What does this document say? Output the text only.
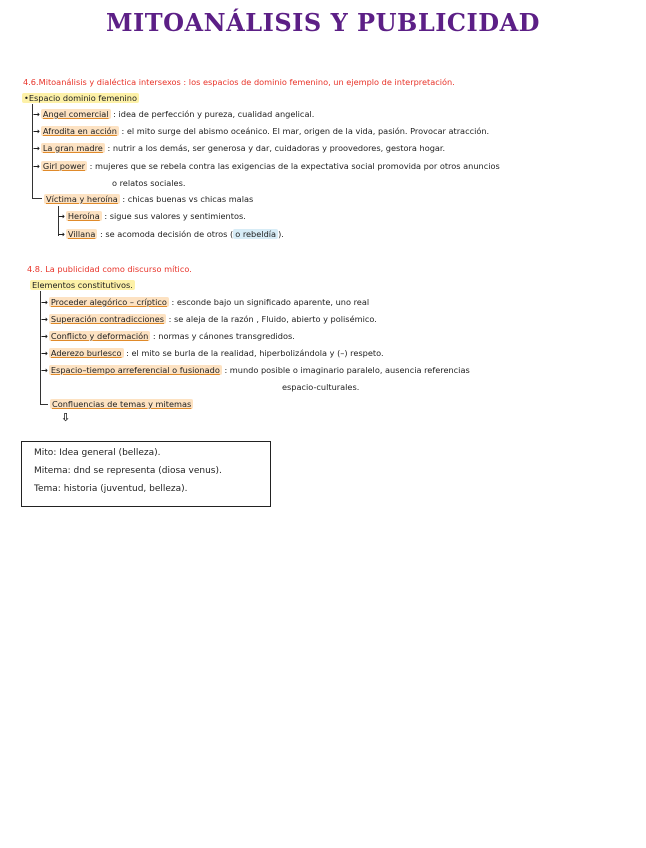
MITOANÁLISIS Y PUBLICIDAD
4.6.Mitoanálisis y dialéctica intersexos : los espacios de dominio femenino, un ejemplo de interpretación.
•Espacio dominio femenino
→ Angel comercial : idea de perfección y pureza, cualidad angelical.
→ Afrodita en acción : el mito surge del abismo oceánico. El mar, origen de la vida, pasión. Provocar atracción.
→ La gran madre : nutrir a los demás, ser generosa y dar, cuidadoras y proovedores, gestora hogar.
→ Girl power : mujeres que se rebela contra las exigencias de la expectativa social promovida por otros anuncios
o relatos sociales.
Víctima y heroína : chicas buenas vs chicas malas
→ Heroína : sigue sus valores y sentimientos.
→ Villana : se acomoda decisión de otros ( o rebeldía ).
4.8. La publicidad como discurso mítico.
Elementos constitutivos.
→ Proceder alegórico – críptico : esconde bajo un significado aparente, uno real
→ Superación contradicciones : se aleja de la razón , Fluido, abierto y polisémico.
→ Conflicto y deformación : normas y cánones transgredidos.
→ Aderezo burlesco : el mito se burla de la realidad, hiperbolizándola y (–) respeto.
→ Espacio–tiempo arreferencial o fusionado : mundo posible o imaginario paralelo, ausencia referencias
espacio-culturales.
Confluencias de temas y mitemas
⇩
Mito: Idea general (belleza).
Mitema: dnd se representa (diosa venus).
Tema: historia (juventud, belleza).
